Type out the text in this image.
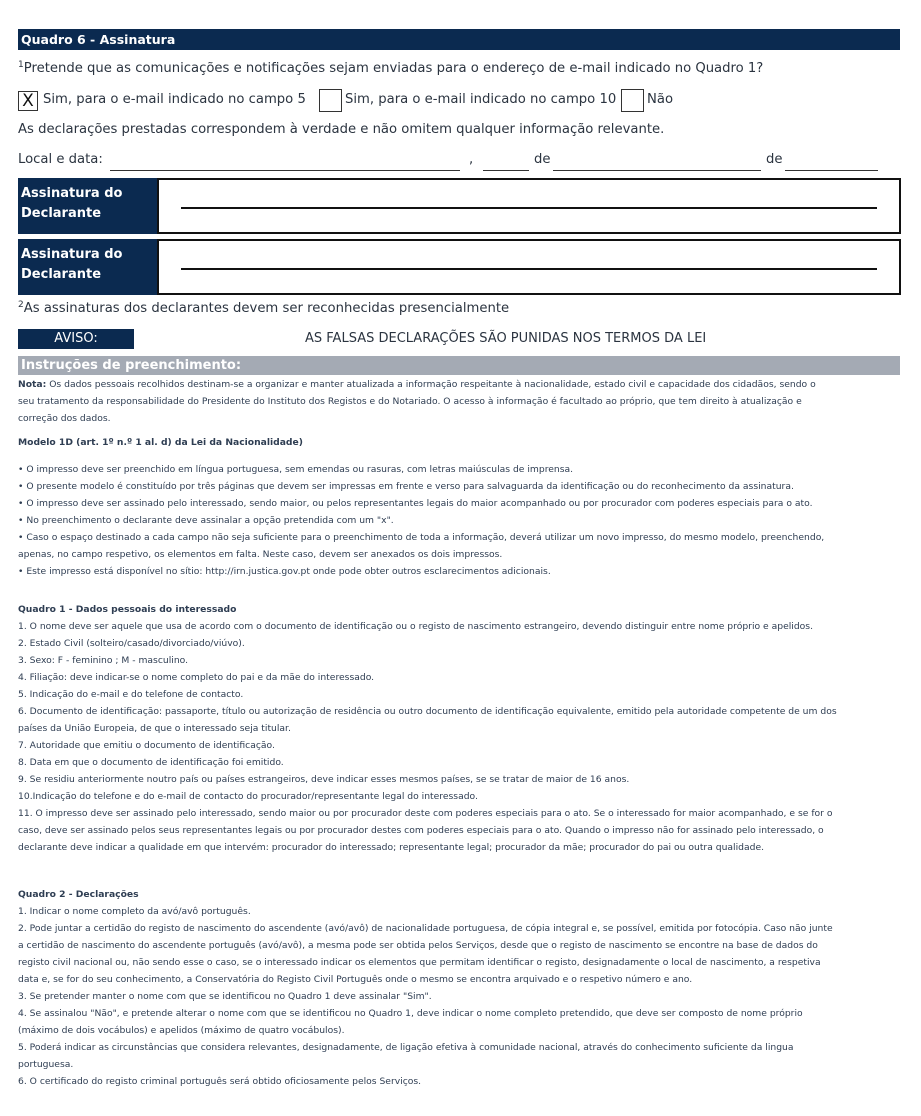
Quadro 6 - Assinatura
$^1$Pretende que as comunicações e notificações sejam enviadas para o endereço de e-mail indicado no Quadro 1?
X Sim, para o e-mail indicado no campo 5	Sim, para o e-mail indicado no campo 10 Não
As declarações prestadas correspondem à verdade e não omitem qualquer informação relevante.
Local e data:	,	de	de
Assinatura do
Declarante
Assinatura do
Declarante
$^2$As assinaturas dos declarantes devem ser reconhecidas presencialmente
AVISO:	AS FALSAS DECLARAÇÕES SÃO PUNIDAS NOS TERMOS DA LEI
Instruções de preenchimento:
Nota: Os dados pessoais recolhidos destinam-se a organizar e manter atualizada a informação respeitante à nacionalidade, estado civil e capacidade dos cidadãos, sendo o
seu tratamento da responsabilidade do Presidente do Instituto dos Registos e do Notariado. O acesso à informação é facultado ao próprio, que tem direito à atualização e
correção dos dados.
Modelo 1D (art. 1º n.º 1 al. d) da Lei da Nacionalidade)
• O impresso deve ser preenchido em língua portuguesa, sem emendas ou rasuras, com letras maiúsculas de imprensa.
• O presente modelo é constituído por três páginas que devem ser impressas em frente e verso para salvaguarda da identificação ou do reconhecimento da assinatura.
• O impresso deve ser assinado pelo interessado, sendo maior, ou pelos representantes legais do maior acompanhado ou por procurador com poderes especiais para o ato.
• No preenchimento o declarante deve assinalar a opção pretendida com um "x".
• Caso o espaço destinado a cada campo não seja suficiente para o preenchimento de toda a informação, deverá utilizar um novo impresso, do mesmo modelo, preenchendo,
apenas, no campo respetivo, os elementos em falta. Neste caso, devem ser anexados os dois impressos.
• Este impresso está disponível no sítio: http://irn.justica.gov.pt onde pode obter outros esclarecimentos adicionais.
Quadro 1 - Dados pessoais do interessado
1. O nome deve ser aquele que usa de acordo com o documento de identificação ou o registo de nascimento estrangeiro, devendo distinguir entre nome próprio e apelidos.
2. Estado Civil (solteiro/casado/divorciado/viúvo).
3. Sexo: F - feminino ; M - masculino.
4. Filiação: deve indicar-se o nome completo do pai e da mãe do interessado.
5. Indicação do e-mail e do telefone de contacto.
6. Documento de identificação: passaporte, título ou autorização de residência ou outro documento de identificação equivalente, emitido pela autoridade competente de um dos
países da União Europeia, de que o interessado seja titular.
7. Autoridade que emitiu o documento de identificação.
8. Data em que o documento de identificação foi emitido.
9. Se residiu anteriormente noutro país ou países estrangeiros, deve indicar esses mesmos países, se se tratar de maior de 16 anos.
10.Indicação do telefone e do e-mail de contacto do procurador/representante legal do interessado.
11. O impresso deve ser assinado pelo interessado, sendo maior ou por procurador deste com poderes especiais para o ato. Se o interessado for maior acompanhado, e se for o
caso, deve ser assinado pelos seus representantes legais ou por procurador destes com poderes especiais para o ato. Quando o impresso não for assinado pelo interessado, o
declarante deve indicar a qualidade em que intervém: procurador do interessado; representante legal; procurador da mãe; procurador do pai ou outra qualidade.
Quadro 2 - Declarações
1. Indicar o nome completo da avó/avô português.
2. Pode juntar a certidão do registo de nascimento do ascendente (avó/avô) de nacionalidade portuguesa, de cópia integral e, se possível, emitida por fotocópia. Caso não junte
a certidão de nascimento do ascendente português (avó/avô), a mesma pode ser obtida pelos Serviços, desde que o registo de nascimento se encontre na base de dados do
registo civil nacional ou, não sendo esse o caso, se o interessado indicar os elementos que permitam identificar o registo, designadamente o local de nascimento, a respetiva
data e, se for do seu conhecimento, a Conservatória do Registo Civil Português onde o mesmo se encontra arquivado e o respetivo número e ano.
3. Se pretender manter o nome com que se identificou no Quadro 1 deve assinalar "Sim".
4. Se assinalou "Não", e pretende alterar o nome com que se identificou no Quadro 1, deve indicar o nome completo pretendido, que deve ser composto de nome próprio
(máximo de dois vocábulos) e apelidos (máximo de quatro vocábulos).
5. Poderá indicar as circunstâncias que considera relevantes, designadamente, de ligação efetiva à comunidade nacional, através do conhecimento suficiente da lingua
portuguesa.
6. O certificado do registo criminal português será obtido oficiosamente pelos Serviços.
